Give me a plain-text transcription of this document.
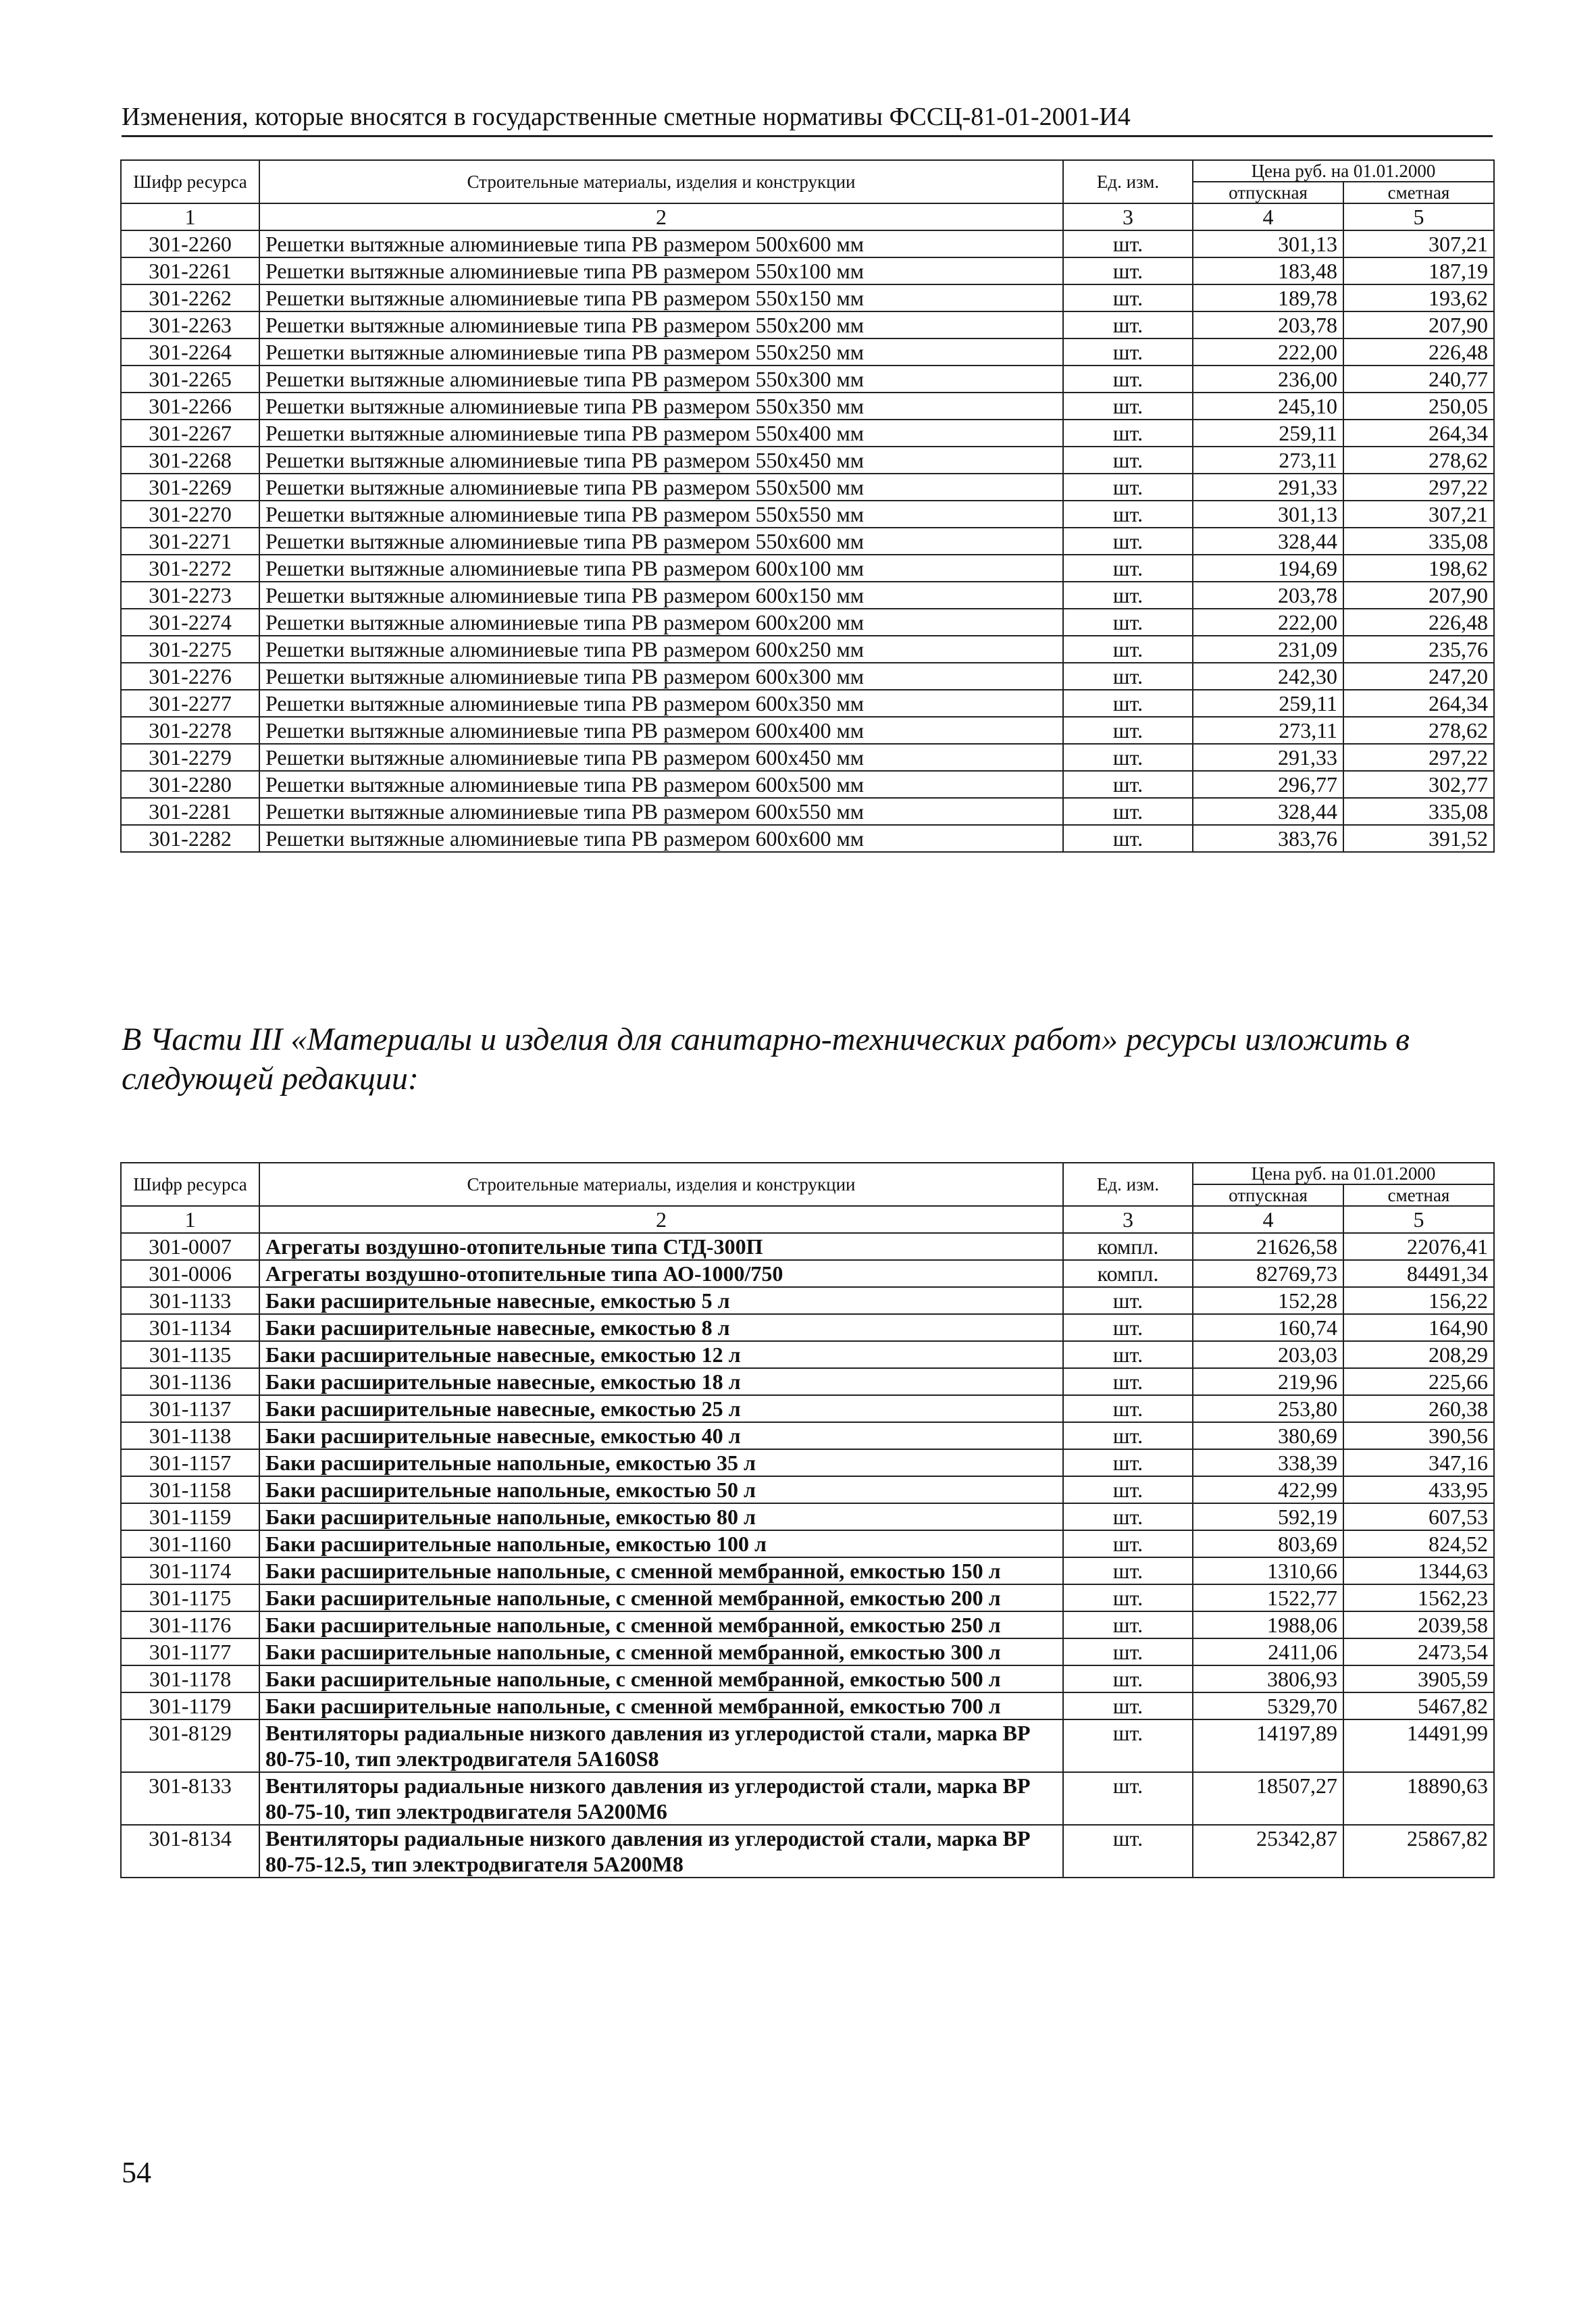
Изменения, которые вносятся в государственные сметные нормативы ФССЦ-81-01-2001-И4
Шифр ресурса	Строительные материалы, изделия и конструкции	Ед. изм.	Цена руб. на 01.01.2000	
			отпускная	сметная
1	2	3	4	5
301-2260	Решетки вытяжные алюминиевые типа РВ размером 500x600 мм	шт.	301,13	307,21
301-2261	Решетки вытяжные алюминиевые типа РВ размером 550x100 мм	шт.	183,48	187,19
301-2262	Решетки вытяжные алюминиевые типа РВ размером 550x150 мм	шт.	189,78	193,62
301-2263	Решетки вытяжные алюминиевые типа РВ размером 550x200 мм	шт.	203,78	207,90
301-2264	Решетки вытяжные алюминиевые типа РВ размером 550x250 мм	шт.	222,00	226,48
301-2265	Решетки вытяжные алюминиевые типа РВ размером 550x300 мм	шт.	236,00	240,77
301-2266	Решетки вытяжные алюминиевые типа РВ размером 550x350 мм	шт.	245,10	250,05
301-2267	Решетки вытяжные алюминиевые типа РВ размером 550x400 мм	шт.	259,11	264,34
301-2268	Решетки вытяжные алюминиевые типа РВ размером 550x450 мм	шт.	273,11	278,62
301-2269	Решетки вытяжные алюминиевые типа РВ размером 550x500 мм	шт.	291,33	297,22
301-2270	Решетки вытяжные алюминиевые типа РВ размером 550x550 мм	шт.	301,13	307,21
301-2271	Решетки вытяжные алюминиевые типа РВ размером 550x600 мм	шт.	328,44	335,08
301-2272	Решетки вытяжные алюминиевые типа РВ размером 600x100 мм	шт.	194,69	198,62
301-2273	Решетки вытяжные алюминиевые типа РВ размером 600x150 мм	шт.	203,78	207,90
301-2274	Решетки вытяжные алюминиевые типа РВ размером 600x200 мм	шт.	222,00	226,48
301-2275	Решетки вытяжные алюминиевые типа РВ размером 600x250 мм	шт.	231,09	235,76
301-2276	Решетки вытяжные алюминиевые типа РВ размером 600x300 мм	шт.	242,30	247,20
301-2277	Решетки вытяжные алюминиевые типа РВ размером 600x350 мм	шт.	259,11	264,34
301-2278	Решетки вытяжные алюминиевые типа РВ размером 600x400 мм	шт.	273,11	278,62
301-2279	Решетки вытяжные алюминиевые типа РВ размером 600x450 мм	шт.	291,33	297,22
301-2280	Решетки вытяжные алюминиевые типа РВ размером 600x500 мм	шт.	296,77	302,77
301-2281	Решетки вытяжные алюминиевые типа РВ размером 600x550 мм	шт.	328,44	335,08
301-2282	Решетки вытяжные алюминиевые типа РВ размером 600x600 мм	шт.	383,76	391,52
В Части III «Материалы и изделия для санитарно-технических работ» ресурсы изложить в следующей редакции:
Шифр ресурса	Строительные материалы, изделия и конструкции	Ед. изм.	Цена руб. на 01.01.2000	
			отпускная	сметная
1	2	3	4	5
301-0007	Агрегаты воздушно-отопительные типа СТД-300П	компл.	21626,58	22076,41
301-0006	Агрегаты воздушно-отопительные типа АО-1000/750	компл.	82769,73	84491,34
301-1133	Баки расширительные навесные, емкостью 5 л	шт.	152,28	156,22
301-1134	Баки расширительные навесные, емкостью 8 л	шт.	160,74	164,90
301-1135	Баки расширительные навесные, емкостью 12 л	шт.	203,03	208,29
301-1136	Баки расширительные навесные, емкостью 18 л	шт.	219,96	225,66
301-1137	Баки расширительные навесные, емкостью 25 л	шт.	253,80	260,38
301-1138	Баки расширительные навесные, емкостью 40 л	шт.	380,69	390,56
301-1157	Баки расширительные напольные, емкостью 35 л	шт.	338,39	347,16
301-1158	Баки расширительные напольные, емкостью 50 л	шт.	422,99	433,95
301-1159	Баки расширительные напольные, емкостью 80 л	шт.	592,19	607,53
301-1160	Баки расширительные напольные, емкостью 100 л	шт.	803,69	824,52
301-1174	Баки расширительные напольные, с сменной мембранной, емкостью 150 л	шт.	1310,66	1344,63
301-1175	Баки расширительные напольные, с сменной мембранной, емкостью 200 л	шт.	1522,77	1562,23
301-1176	Баки расширительные напольные, с сменной мембранной, емкостью 250 л	шт.	1988,06	2039,58
301-1177	Баки расширительные напольные, с сменной мембранной, емкостью 300 л	шт.	2411,06	2473,54
301-1178	Баки расширительные напольные, с сменной мембранной, емкостью 500 л	шт.	3806,93	3905,59
301-1179	Баки расширительные напольные, с сменной мембранной, емкостью 700 л	шт.	5329,70	5467,82
301-8129	Вентиляторы радиальные низкого давления из углеродистой стали, марка ВР 80-75-10, тип электродвигателя 5А160S8	шт.	14197,89	14491,99
301-8133	Вентиляторы радиальные низкого давления из углеродистой стали, марка ВР 80-75-10, тип электродвигателя 5А200М6	шт.	18507,27	18890,63
301-8134	Вентиляторы радиальные низкого давления из углеродистой стали, марка ВР 80-75-12.5, тип электродвигателя 5А200М8	шт.	25342,87	25867,82
54
